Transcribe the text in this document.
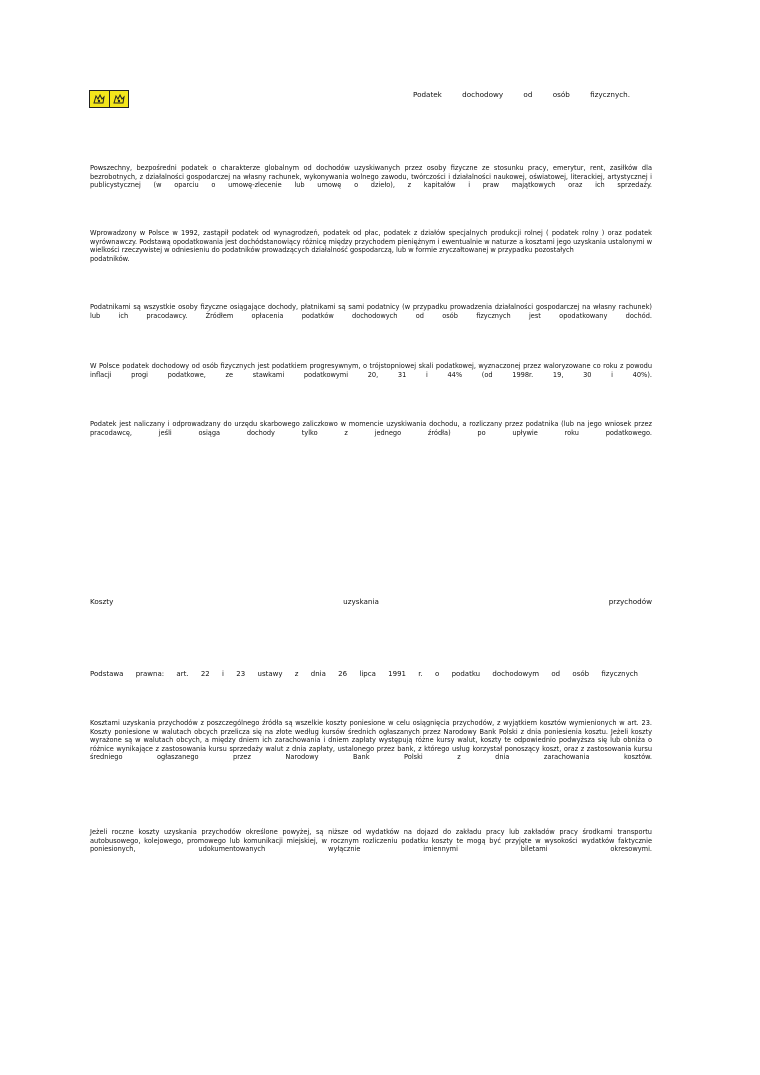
Podatek dochodowy od osób fizycznych.
Powszechny, bezpośredni podatek o charakterze globalnym od dochodów uzyskiwanych przez osoby fizyczne ze stosunku pracy, emerytur, rent, zasiłków dla bezrobotnych, z działalności gospodarczej na własny rachunek, wykonywania wolnego zawodu, twórczości i działalności naukowej, oświatowej, literackiej, artystycznej i publicystycznej (w oparciu o umowę-zlecenie lub umowę o dzieło), z kapitałów i praw majątkowych oraz ich sprzedaży.
Wprowadzony w Polsce w 1992, zastąpił podatek od wynagrodzeń, podatek od płac, podatek z działów specjalnych produkcji rolnej ( podatek rolny ) oraz podatek wyrównawczy. Podstawą opodatkowania jest dochódstanowiący różnicę między przychodem pieniężnym i ewentualnie w naturze a kosztami jego uzyskania ustalonymi w wielkości rzeczywistej w odniesieniu do podatników prowadzących działalność gospodarczą, lub w formie zryczałtowanej w przypadku pozostałych
podatników.
Podatnikami są wszystkie osoby fizyczne osiągające dochody, płatnikami są sami podatnicy (w przypadku prowadzenia działalności gospodarczej na własny rachunek) lub ich pracodawcy. Źródłem opłacenia podatków dochodowych od osób fizycznych jest opodatkowany dochód.
W Polsce podatek dochodowy od osób fizycznych jest podatkiem progresywnym, o trójstopniowej skali podatkowej, wyznaczonej przez waloryzowane co roku z powodu inflacji progi podatkowe, ze stawkami podatkowymi 20, 31 i 44% (od 1998r. 19, 30 i 40%).
Podatek jest naliczany i odprowadzany do urzędu skarbowego zaliczkowo w momencie uzyskiwania dochodu, a rozliczany przez podatnika (lub na jego wniosek przez pracodawcę, jeśli osiąga dochody tylko z jednego źródła) po upływie roku podatkowego.
Koszty uzyskania przychodów
Podstawa prawna: art. 22 i 23 ustawy z dnia 26 lipca 1991 r. o podatku dochodowym od osób fizycznych
Kosztami uzyskania przychodów z poszczególnego źródła są wszelkie koszty poniesione w celu osiągnięcia przychodów, z wyjątkiem kosztów wymienionych w art. 23. Koszty poniesione w walutach obcych przelicza się na złote według kursów średnich ogłaszanych przez Narodowy Bank Polski z dnia poniesienia kosztu. Jeżeli koszty wyrażone są w walutach obcych, a między dniem ich zarachowania i dniem zapłaty występują różne kursy walut, koszty te odpowiednio podwyższa się lub obniża o różnice wynikające z zastosowania kursu sprzedaży walut z dnia zapłaty, ustalonego przez bank, z którego usług korzystał ponoszący koszt, oraz z zastosowania kursu średniego ogłaszanego przez Narodowy Bank Polski z dnia zarachowania kosztów.
Jeżeli roczne koszty uzyskania przychodów określone powyżej, są niższe od wydatków na dojazd do zakładu pracy lub zakładów pracy środkami transportu autobusowego, kolejowego, promowego lub komunikacji miejskiej, w rocznym rozliczeniu podatku koszty te mogą być przyjęte w wysokości wydatków faktycznie poniesionych, udokumentowanych wyłącznie imiennymi biletami okresowymi.
